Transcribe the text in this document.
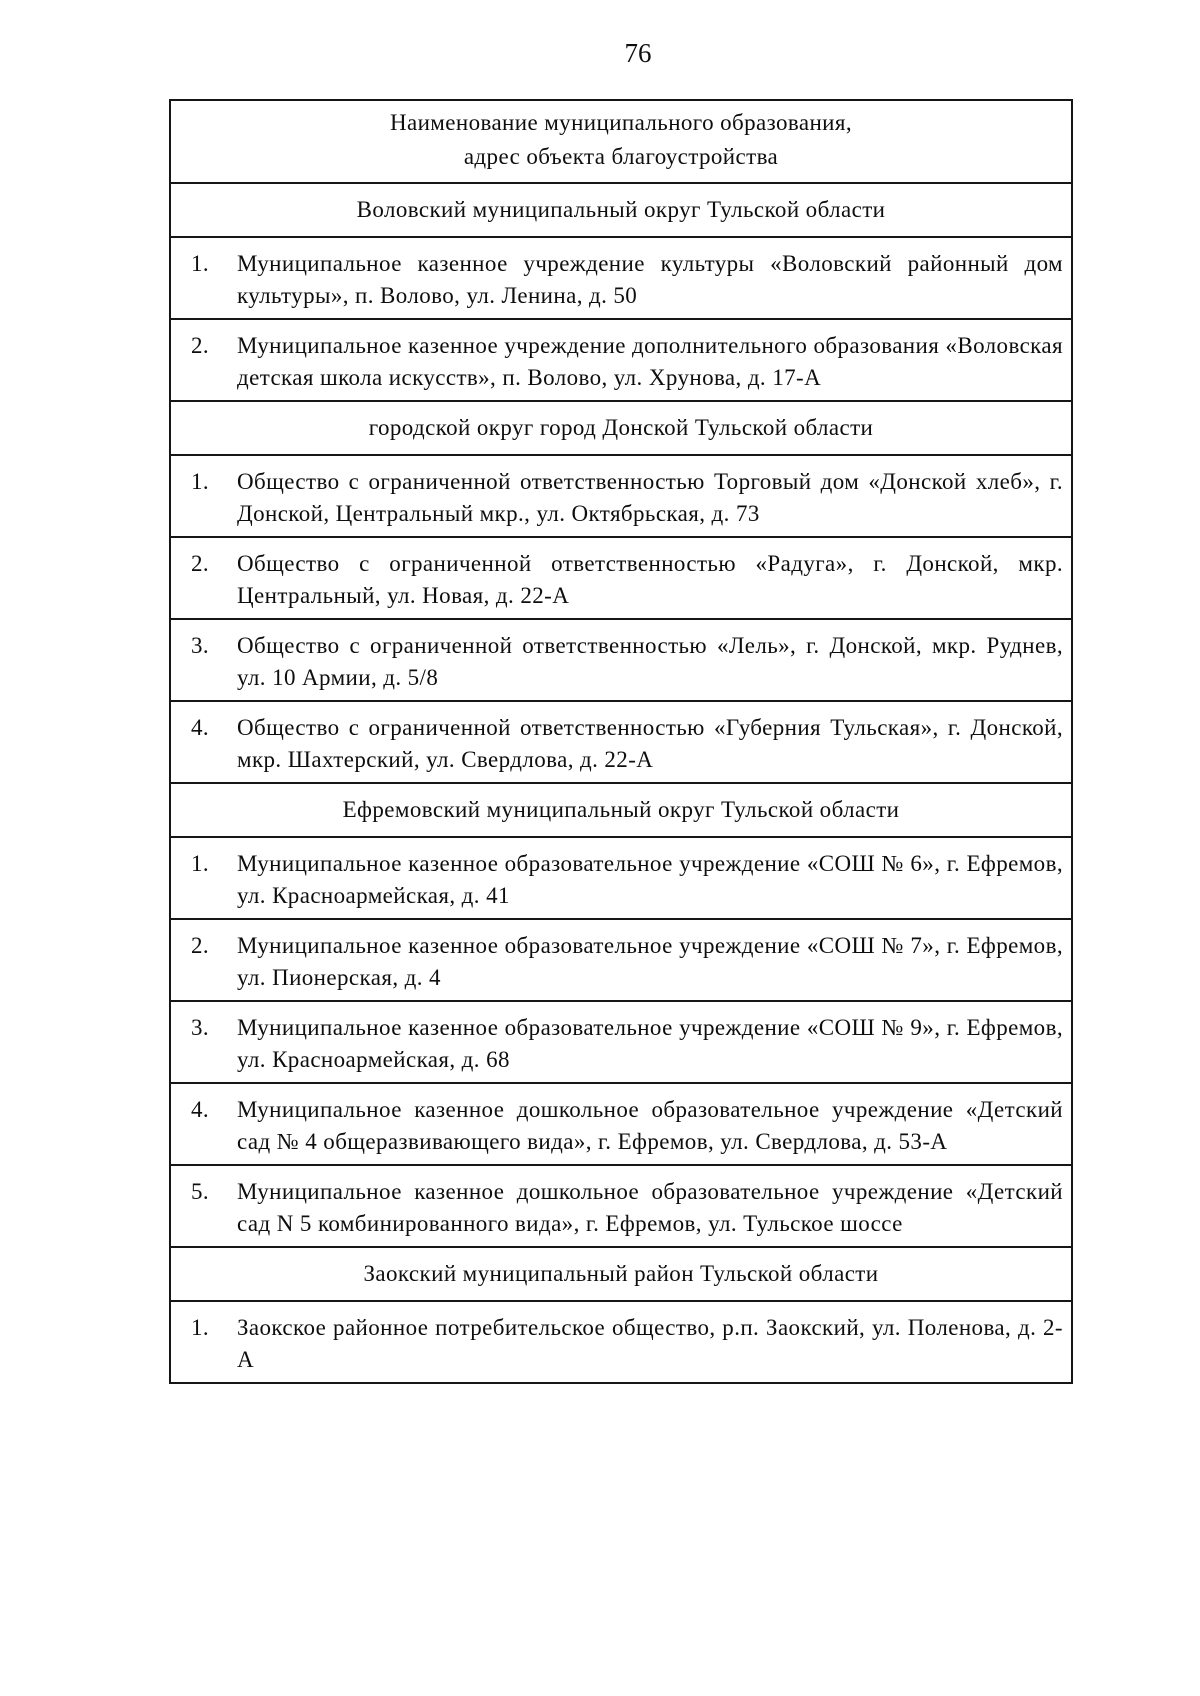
76
Наименование муниципального образования,
адрес объекта благоустройства
Воловский муниципальный округ Тульской области
1.	Муниципальное казенное учреждение культуры «Воловский районный дом культуры», п. Волово, ул. Ленина, д. 50
2.	Муниципальное казенное учреждение дополнительного образования «Воловская детская школа искусств», п. Волово, ул. Хрунова, д. 17-А
городской округ город Донской Тульской области
1.	Общество с ограниченной ответственностью Торговый дом «Донской хлеб», г. Донской, Центральный мкр., ул. Октябрьская, д. 73
2.	Общество с ограниченной ответственностью «Радуга», г. Донской, мкр. Центральный, ул. Новая, д. 22-А
3.	Общество с ограниченной ответственностью «Лель», г. Донской, мкр. Руднев, ул. 10 Армии, д. 5/8
4.	Общество с ограниченной ответственностью «Губерния Тульская», г. Донской, мкр. Шахтерский, ул. Свердлова, д. 22-А
Ефремовский муниципальный округ Тульской области
1.	Муниципальное казенное образовательное учреждение «СОШ № 6», г. Ефремов, ул. Красноармейская, д. 41
2.	Муниципальное казенное образовательное учреждение «СОШ № 7», г. Ефремов, ул. Пионерская, д. 4
3.	Муниципальное казенное образовательное учреждение «СОШ № 9», г. Ефремов, ул. Красноармейская, д. 68
4.	Муниципальное казенное дошкольное образовательное учреждение «Детский сад № 4 общеразвивающего вида», г. Ефремов, ул. Свердлова, д. 53-А
5.	Муниципальное казенное дошкольное образовательное учреждение «Детский сад N 5 комбинированного вида», г. Ефремов, ул. Тульское шоссе
Заокский муниципальный район Тульской области
1.	Заокское районное потребительское общество, р.п. Заокский, ул. Поленова, д. 2-А
